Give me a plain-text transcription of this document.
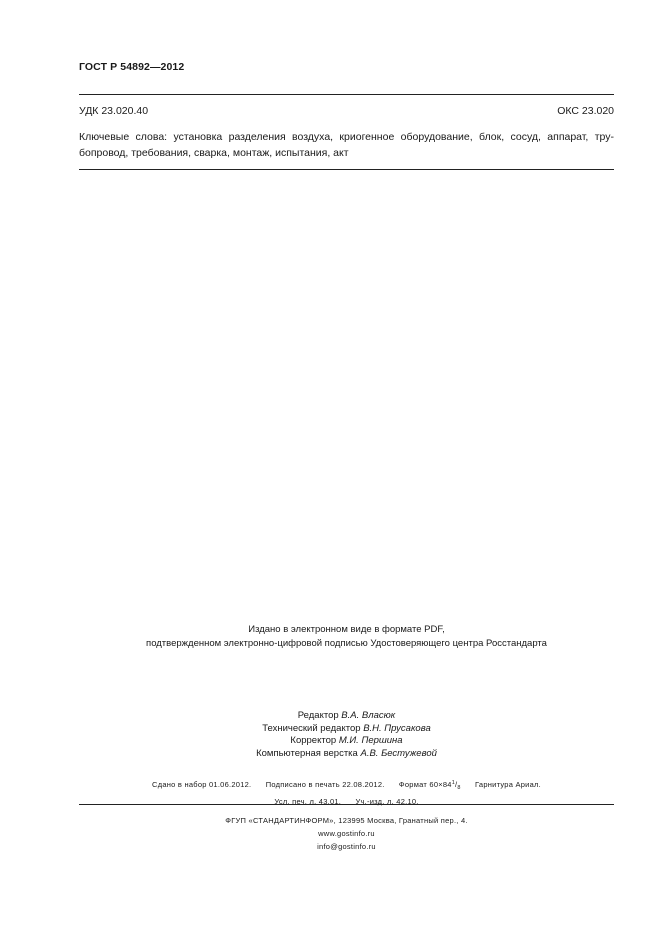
ГОСТ Р 54892—2012
УДК 23.020.40	ОКС 23.020
Ключевые слова: установка разделения воздуха, криогенное оборудование, блок, сосуд, аппарат, тру-
бопровод, требования, сварка, монтаж, испытания, акт
Издано в электронном виде в формате PDF,
подтвержденном электронно-цифровой подписью Удостоверяющего центра Росстандарта
Редактор В.А. Власюк
Технический редактор В.Н. Прусакова
Корректор М.И. Першина
Компьютерная верстка А.В. Бестужевой
Сдано в набор 01.06.2012. Подписано в печать 22.08.2012. Формат $60\times 84^1/_8$ Гарнитура Ариал.
Усл. печ. л. 43,01. Уч.-изд. л. 42,10.
ФГУП «СТАНДАРТИНФОРМ», 123995 Москва, Гранатный пер., 4.
www.gostinfo.ru
info@gostinfo.ru
